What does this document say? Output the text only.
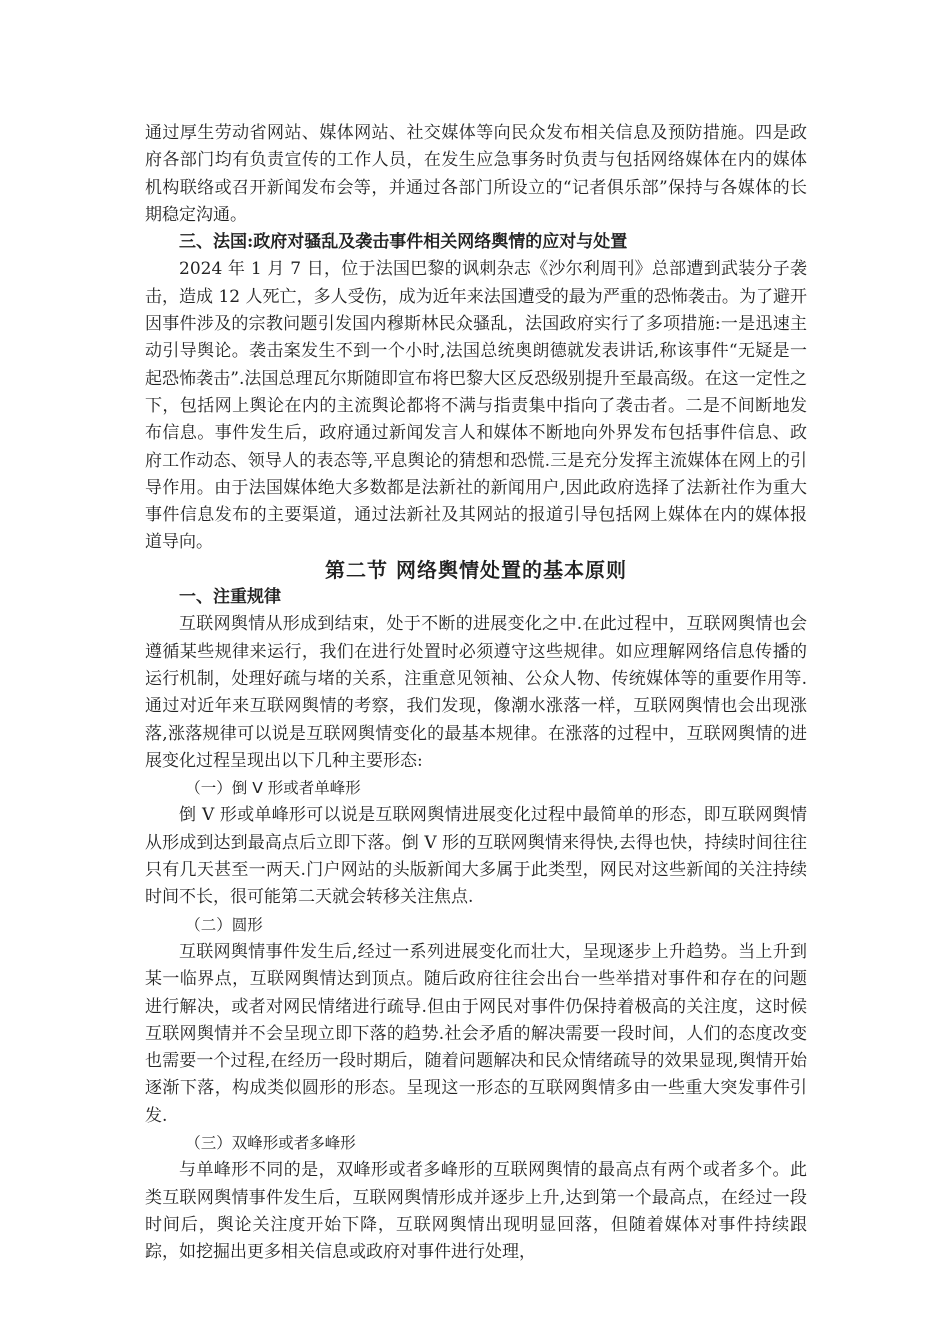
通过厚生劳动省网站、媒体网站、社交媒体等向民众发布相关信息及预防措施。四是政府各部门均有负责宣传的工作人员，在发生应急事务时负责与包括网络媒体在内的媒体机构联络或召开新闻发布会等，并通过各部门所设立的“记者俱乐部”保持与各媒体的长期稳定沟通。

三、法国:政府对骚乱及袭击事件相关网络舆情的应对与处置

2024 年 1 月 7 日，位于法国巴黎的讽刺杂志《沙尔利周刊》总部遭到武装分子袭击，造成 12 人死亡，多人受伤，成为近年来法国遭受的最为严重的恐怖袭击。为了避开因事件涉及的宗教问题引发国内穆斯林民众骚乱，法国政府实行了多项措施:一是迅速主动引导舆论。袭击案发生不到一个小时,法国总统奥朗德就发表讲话,称该事件“无疑是一起恐怖袭击”.法国总理瓦尔斯随即宣布将巴黎大区反恐级别提升至最高级。在这一定性之下，包括网上舆论在内的主流舆论都将不满与指责集中指向了袭击者。二是不间断地发布信息。事件发生后，政府通过新闻发言人和媒体不断地向外界发布包括事件信息、政府工作动态、领导人的表态等,平息舆论的猜想和恐慌.三是充分发挥主流媒体在网上的引导作用。由于法国媒体绝大多数都是法新社的新闻用户,因此政府选择了法新社作为重大事件信息发布的主要渠道，通过法新社及其网站的报道引导包括网上媒体在内的媒体报道导向。

第二节 网络舆情处置的基本原则

一、注重规律

互联网舆情从形成到结束，处于不断的进展变化之中.在此过程中，互联网舆情也会遵循某些规律来运行，我们在进行处置时必须遵守这些规律。如应理解网络信息传播的运行机制，处理好疏与堵的关系，注重意见领袖、公众人物、传统媒体等的重要作用等.通过对近年来互联网舆情的考察，我们发现，像潮水涨落一样，互联网舆情也会出现涨落,涨落规律可以说是互联网舆情变化的最基本规律。在涨落的过程中，互联网舆情的进展变化过程呈现出以下几种主要形态:

（一）倒 V 形或者单峰形

倒 V 形或单峰形可以说是互联网舆情进展变化过程中最简单的形态，即互联网舆情从形成到达到最高点后立即下落。倒 V 形的互联网舆情来得快,去得也快，持续时间往往只有几天甚至一两天.门户网站的头版新闻大多属于此类型，网民对这些新闻的关注持续时间不长，很可能第二天就会转移关注焦点.

（二）圆形

互联网舆情事件发生后,经过一系列进展变化而壮大，呈现逐步上升趋势。当上升到某一临界点，互联网舆情达到顶点。随后政府往往会出台一些举措对事件和存在的问题进行解决，或者对网民情绪进行疏导.但由于网民对事件仍保持着极高的关注度，这时候互联网舆情并不会呈现立即下落的趋势.社会矛盾的解决需要一段时间，人们的态度改变也需要一个过程,在经历一段时期后，随着问题解决和民众情绪疏导的效果显现,舆情开始逐渐下落，构成类似圆形的形态。呈现这一形态的互联网舆情多由一些重大突发事件引发.

（三）双峰形或者多峰形

与单峰形不同的是，双峰形或者多峰形的互联网舆情的最高点有两个或者多个。此类互联网舆情事件发生后，互联网舆情形成并逐步上升,达到第一个最高点，在经过一段时间后，舆论关注度开始下降，互联网舆情出现明显回落，但随着媒体对事件持续跟踪，如挖掘出更多相关信息或政府对事件进行处理，
